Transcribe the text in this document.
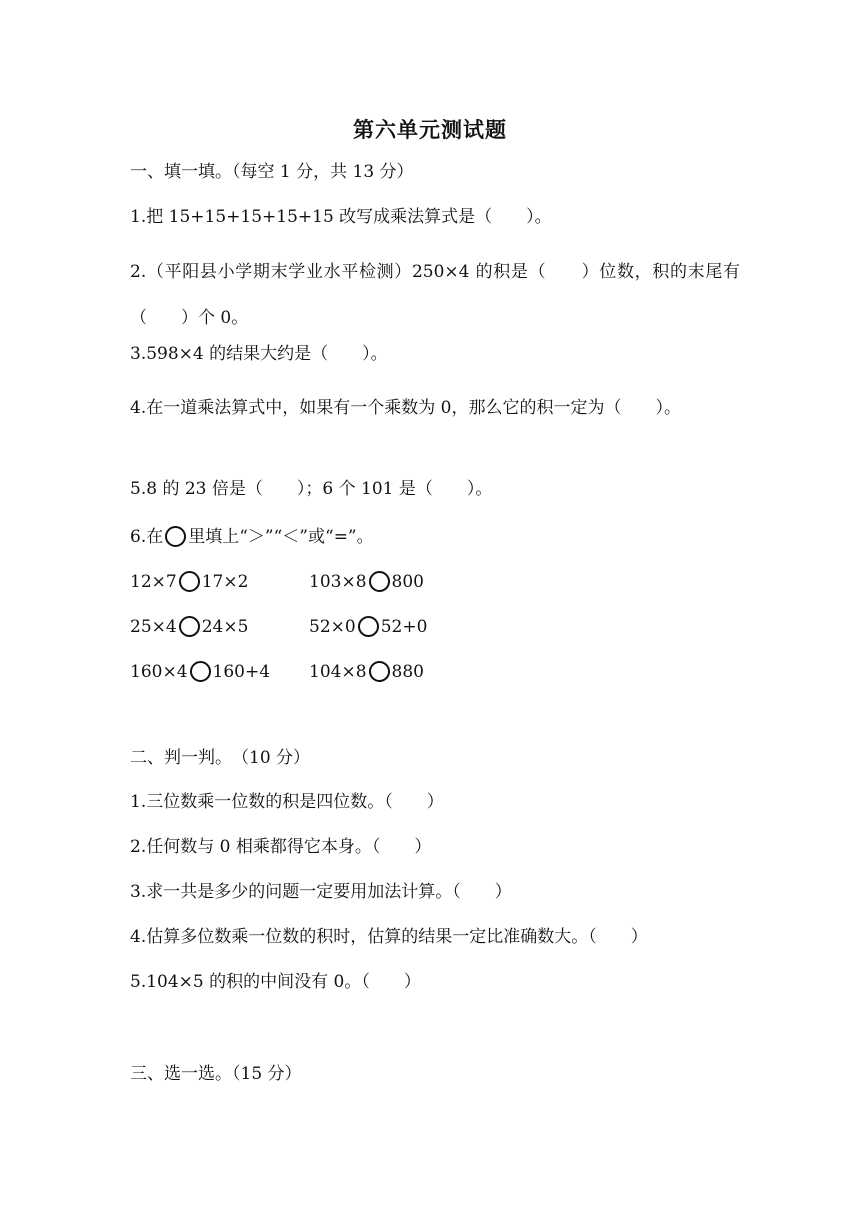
第六单元测试题
一、填一填。（每空 1 分，共 13 分）
1.把 15+15+15+15+15 改写成乘法算式是（　　）。
2.（平阳县小学期末学业水平检测）250×4 的积是（　　）位数，积的末尾有（　　）个 0。
3.598×4 的结果大约是（　　）。
4.在一道乘法算式中，如果有一个乘数为 0，那么它的积一定为（　　）。
5.8 的 23 倍是（　　）；6 个 101 是（　　）。
6.在 里填上“＞”“＜”或“=”。
12×7 17×2	103×8 800
25×4 24×5	52×0 52+0
160×4 160+4 104×8 880
二、判一判。　（10 分）
1.三位数乘一位数的积是四位数。（　　）
2.任何数与 0 相乘都得它本身。（　　）
3.求一共是多少的问题一定要用加法计算。（　　）
4.估算多位数乘一位数的积时，估算的结果一定比准确数大。（　　）
5.104×5 的积的中间没有 0。（　　）
三、选一选。（15 分）
